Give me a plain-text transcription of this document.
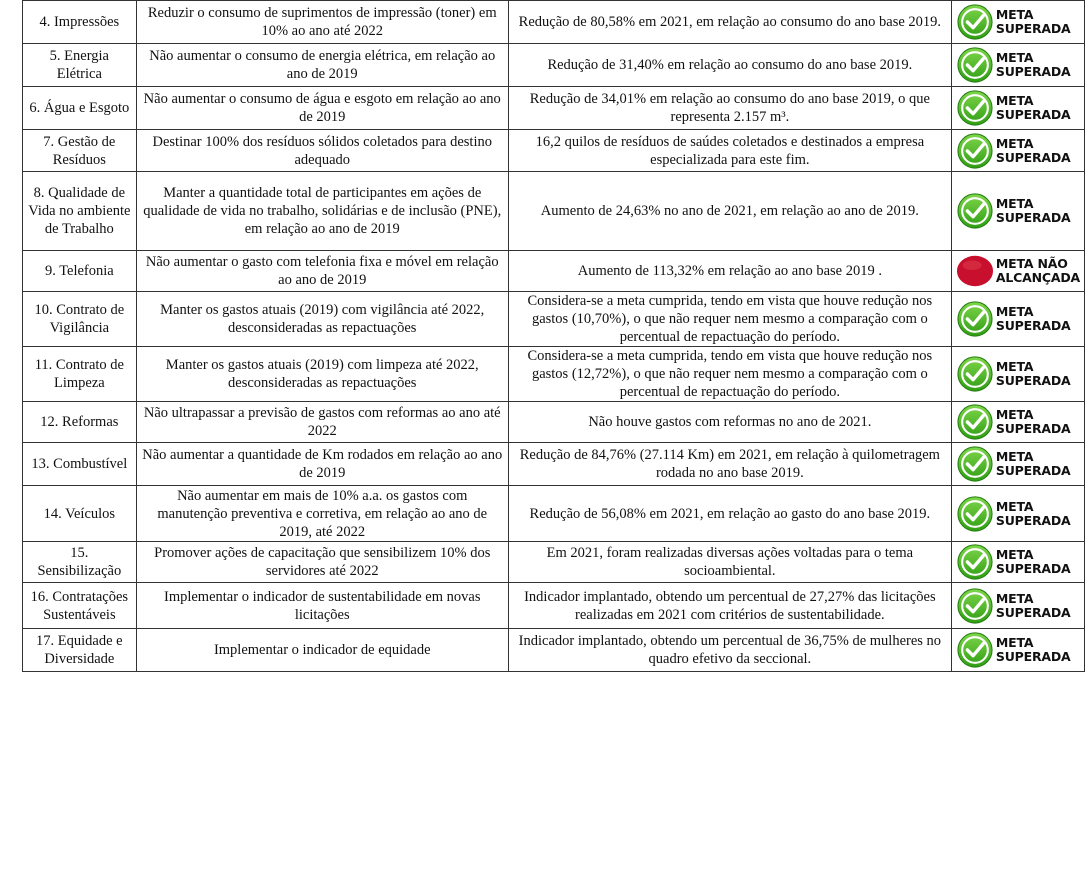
4. Impressões	Reduzir o consumo de suprimentos de impressão (toner) em 10% ao ano até 2022	Redução de 80,58% em 2021, em relação ao consumo do ano base 2019.	META
SUPERADA

5. Energia Elétrica	Não aumentar o consumo de energia elétrica, em relação ao ano de 2019	Redução de 31,40% em relação ao consumo do ano base 2019.	META
SUPERADA

6. Água e Esgoto	Não aumentar o consumo de água e esgoto em relação ao ano de 2019	Redução de 34,01% em relação ao consumo do ano base 2019, o que representa 2.157 m³.	META
SUPERADA

7. Gestão de Resíduos	Destinar 100% dos resíduos sólidos coletados para destino adequado	16,2 quilos de resíduos de saúdes coletados e destinados a empresa especializada para este fim.	META
SUPERADA

8. Qualidade de Vida no ambiente de Trabalho	Manter a quantidade total de participantes em ações de qualidade de vida no trabalho, solidárias e de inclusão (PNE), em relação ao ano de 2019	Aumento de 24,63% no ano de 2021, em relação ao ano de 2019.	META
SUPERADA

9. Telefonia	Não aumentar o gasto com telefonia fixa e móvel em relação ao ano de 2019	Aumento de 113,32% em relação ao ano base 2019 .	META NÃO
ALCANÇADA

10. Contrato de Vigilância	Manter os gastos atuais (2019) com vigilância até 2022, desconsideradas as repactuações	Considera-se a meta cumprida, tendo em vista que houve redução nos gastos (10,70%), o que não requer nem mesmo a comparação com o percentual de repactuação do período.	META
SUPERADA

11. Contrato de Limpeza	Manter os gastos atuais (2019) com limpeza até 2022, desconsideradas as repactuações	Considera-se a meta cumprida, tendo em vista que houve redução nos gastos (12,72%), o que não requer nem mesmo a comparação com o percentual de repactuação do período.	META
SUPERADA

12. Reformas	Não ultrapassar a previsão de gastos com reformas ao ano até 2022	Não houve gastos com reformas no ano de 2021.	META
SUPERADA

13. Combustível	Não aumentar a quantidade de Km rodados em relação ao ano de 2019	Redução de 84,76% (27.114 Km) em 2021, em relação à quilometragem rodada no ano base 2019.	META
SUPERADA

14. Veículos	Não aumentar em mais de 10% a.a. os gastos com manutenção preventiva e corretiva, em relação ao ano de 2019, até 2022	Redução de 56,08% em 2021, em relação ao gasto do ano base 2019.	META
SUPERADA

15. Sensibilização	Promover ações de capacitação que sensibilizem 10% dos servidores até 2022	Em 2021, foram realizadas diversas ações voltadas para o tema socioambiental.	META
SUPERADA

16. Contratações Sustentáveis	Implementar o indicador de sustentabilidade em novas licitações	Indicador implantado, obtendo um percentual de 27,27% das licitações realizadas em 2021 com critérios de sustentabilidade.	META
SUPERADA

17. Equidade e Diversidade	Implementar o indicador de equidade	Indicador implantado, obtendo um percentual de 36,75% de mulheres no quadro efetivo da seccional.	META
SUPERADA
